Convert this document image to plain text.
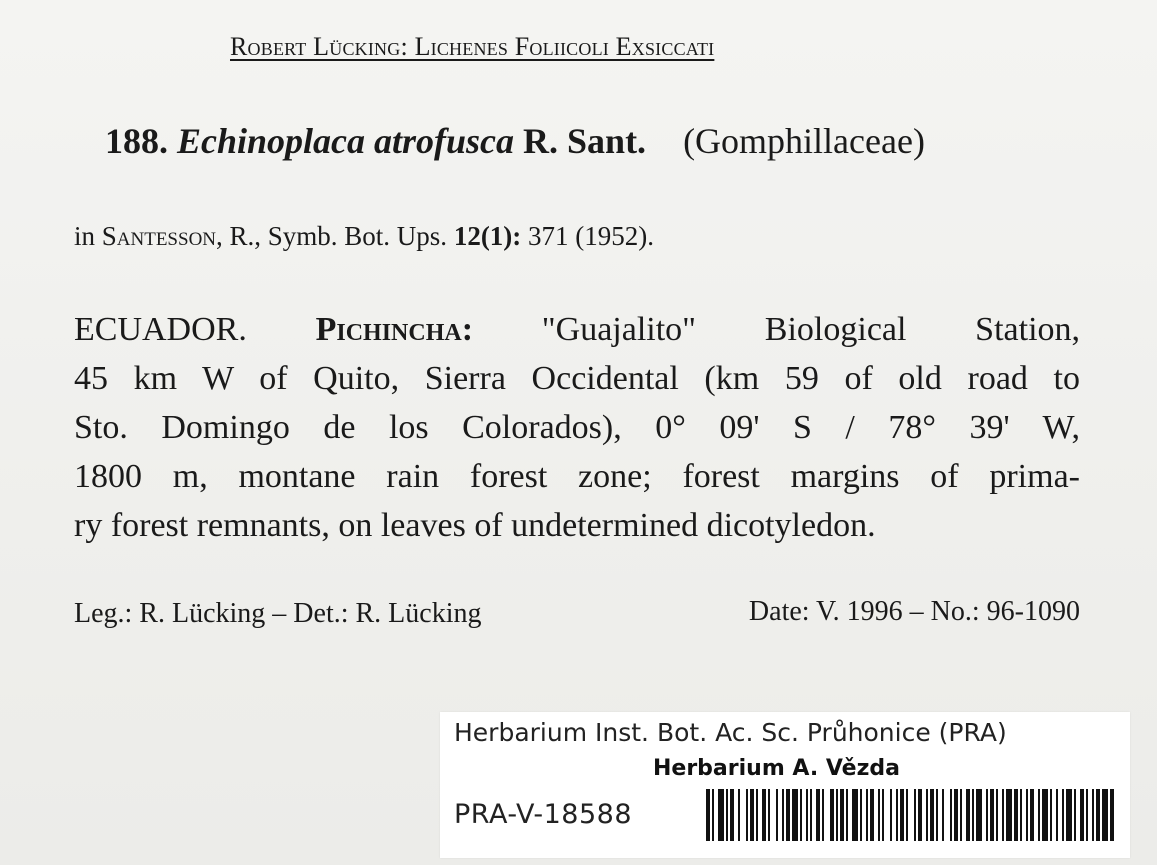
Robert Lücking: Lichenes Foliicoli Exsiccati
188. Echinoplaca atrofusca R. Sant. (Gomphillaceae)
in Santesson, R., Symb. Bot. Ups. 12(1): 371 (1952).
ECUADOR. Pichincha: "Guajalito" Biological Station,
45 km W of Quito, Sierra Occidental (km 59 of old road to
Sto. Domingo de los Colorados), 0° 09' S / 78° 39' W,
1800 m, montane rain forest zone; forest margins of prima-
ry forest remnants, on leaves of undetermined dicotyledon.
Leg.: R. Lücking – Det.: R. Lücking	Date: V. 1996 – No.: 96-1090
Herbarium Inst. Bot. Ac. Sc. Průhonice (PRA)
Herbarium A. Vězda
PRA-V-18588
